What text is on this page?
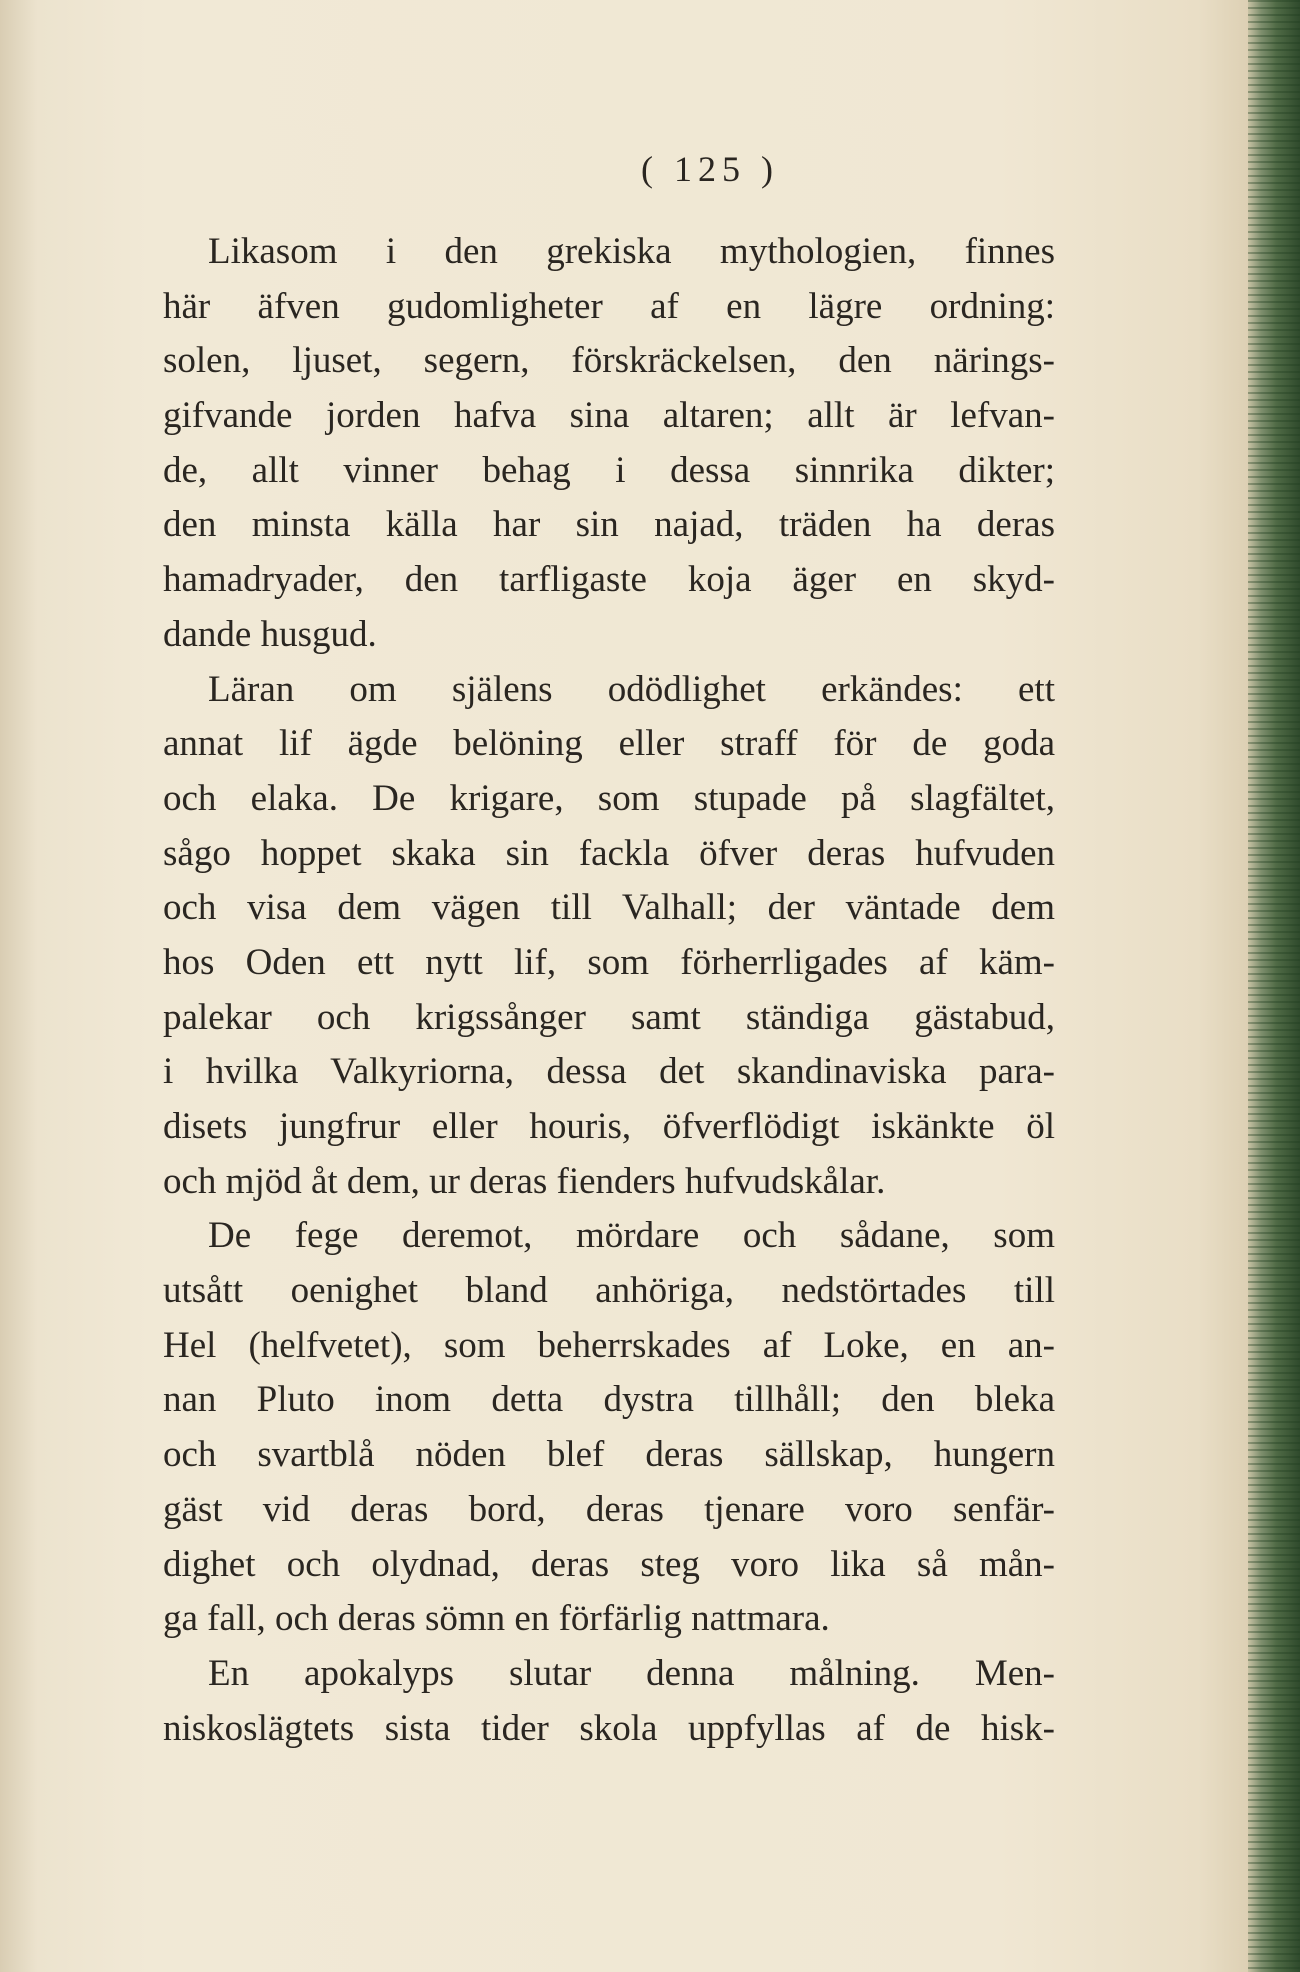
( 125 )
Likasom i den grekiska mythologien, finnes
här äfven gudomligheter af en lägre ordning:
solen, ljuset, segern, förskräckelsen, den närings-
gifvande jorden hafva sina altaren; allt är lefvan-
de, allt vinner behag i dessa sinnrika dikter;
den minsta källa har sin najad, träden ha deras
hamadryader, den tarfligaste koja äger en skyd-
dande husgud.
Läran om själens odödlighet erkändes: ett
annat lif ägde belöning eller straff för de goda
och elaka. De krigare, som stupade på slagfältet,
sågo hoppet skaka sin fackla öfver deras hufvuden
och visa dem vägen till Valhall; der väntade dem
hos Oden ett nytt lif, som förherrligades af käm-
palekar och krigssånger samt ständiga gästabud,
i hvilka Valkyriorna, dessa det skandinaviska para-
disets jungfrur eller houris, öfverflödigt iskänkte öl
och mjöd åt dem, ur deras fienders hufvudskålar.
De fege deremot, mördare och sådane, som
utsått oenighet bland anhöriga, nedstörtades till
Hel (helfvetet), som beherrskades af Loke, en an-
nan Pluto inom detta dystra tillhåll; den bleka
och svartblå nöden blef deras sällskap, hungern
gäst vid deras bord, deras tjenare voro senfär-
dighet och olydnad, deras steg voro lika så mån-
ga fall, och deras sömn en förfärlig nattmara.
En apokalyps slutar denna målning. Men-
niskoslägtets sista tider skola uppfyllas af de hisk-
